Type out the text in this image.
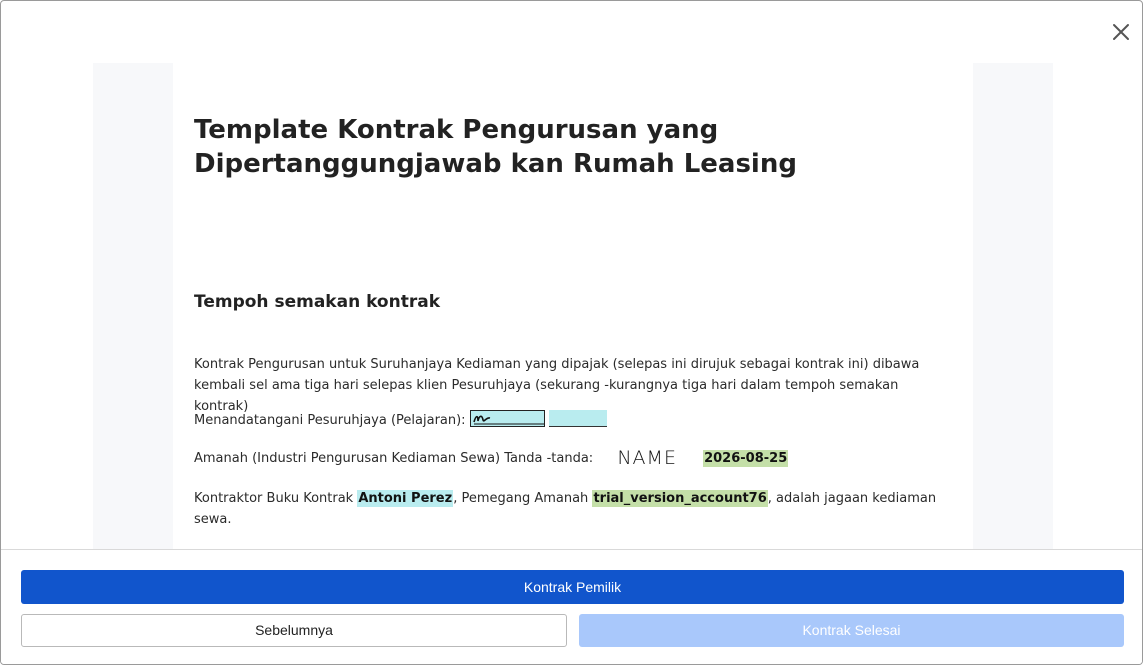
Template Kontrak Pengurusan yang Dipertanggungjawab kan Rumah Leasing
Tempoh semakan kontrak

Kontrak Pengurusan untuk Suruhanjaya Kediaman yang dipajak (selepas ini dirujuk sebagai kontrak ini) dibawa kembali sel ama tiga hari selepas klien Pesuruhjaya (sekurang -kurangnya tiga hari dalam tempoh semakan kontrak)

Menandatangani Pesuruhjaya (Pelajaran):

Amanah (Industri Pengurusan Kediaman Sewa) Tanda -tanda: NAME 2026-08-25

Kontraktor Buku Kontrak Antoni Perez, Pemegang Amanah trial_version_account76, adalah jagaan kediaman sewa.

Kontrak Pemilik
Sebelumnya	Kontrak Selesai
